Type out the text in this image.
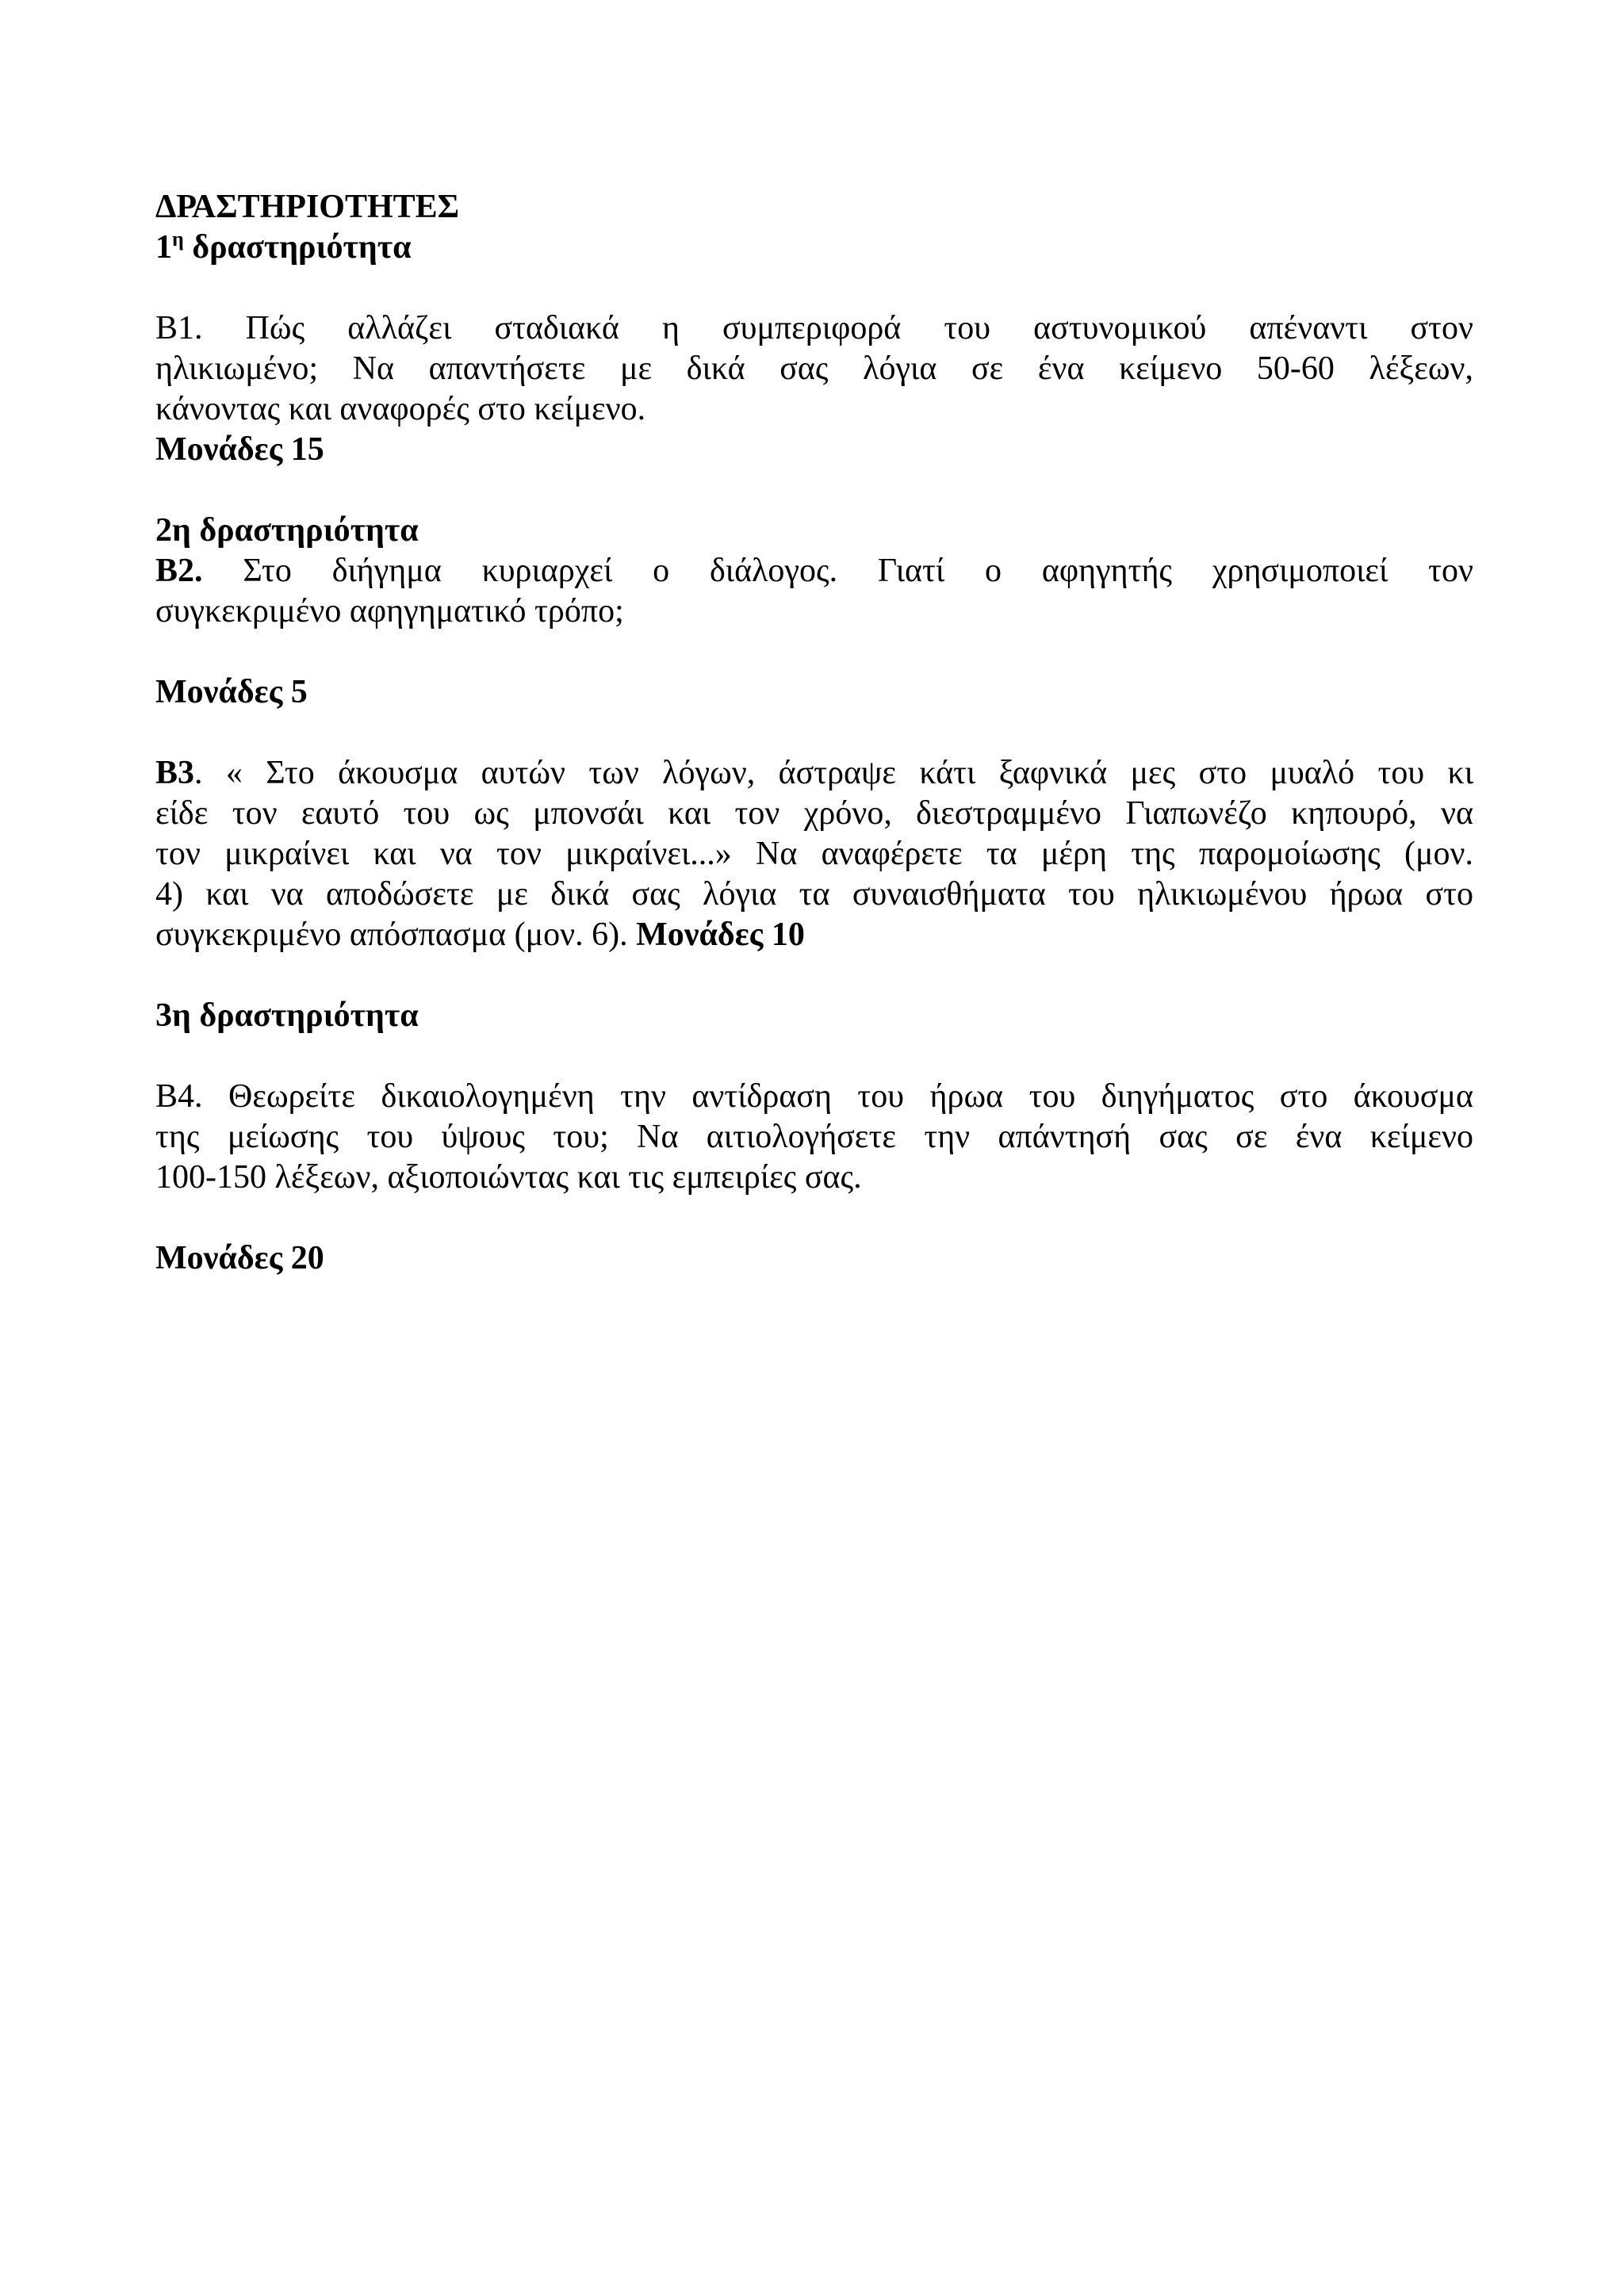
ΔΡΑΣΤΗΡΙΟΤΗΤΕΣ
$1^\eta$ δραστηριότητα
Β1. Πώς αλλάζει σταδιακά η συμπεριφορά του αστυνομικού απέναντι στον
ηλικιωμένο; Να απαντήσετε με δικά σας λόγια σε ένα κείμενο 50-60 λέξεων,
κάνοντας και αναφορές στο κείμενο.
Μονάδες 15
2η δραστηριότητα
Β2. Στο διήγημα κυριαρχεί ο διάλογος. Γιατί ο αφηγητής χρησιμοποιεί τον
συγκεκριμένο αφηγηματικό τρόπο;
Μονάδες 5
Β3. « Στο άκουσμα αυτών των λόγων, άστραψε κάτι ξαφνικά μες στο μυαλό του κι
είδε τον εαυτό του ως μπονσάι και τον χρόνο, διεστραμμένο Γιαπωνέζο κηπουρό, να
τον μικραίνει και να τον μικραίνει...» Να αναφέρετε τα μέρη της παρομοίωσης (μον.
4) και να αποδώσετε με δικά σας λόγια τα συναισθήματα του ηλικιωμένου ήρωα στο
συγκεκριμένο απόσπασμα (μον. 6). Μονάδες 10
3η δραστηριότητα
Β4. Θεωρείτε δικαιολογημένη την αντίδραση του ήρωα του διηγήματος στο άκουσμα
της μείωσης του ύψους του; Να αιτιολογήσετε την απάντησή σας σε ένα κείμενο
100-150 λέξεων, αξιοποιώντας και τις εμπειρίες σας.
Μονάδες 20
